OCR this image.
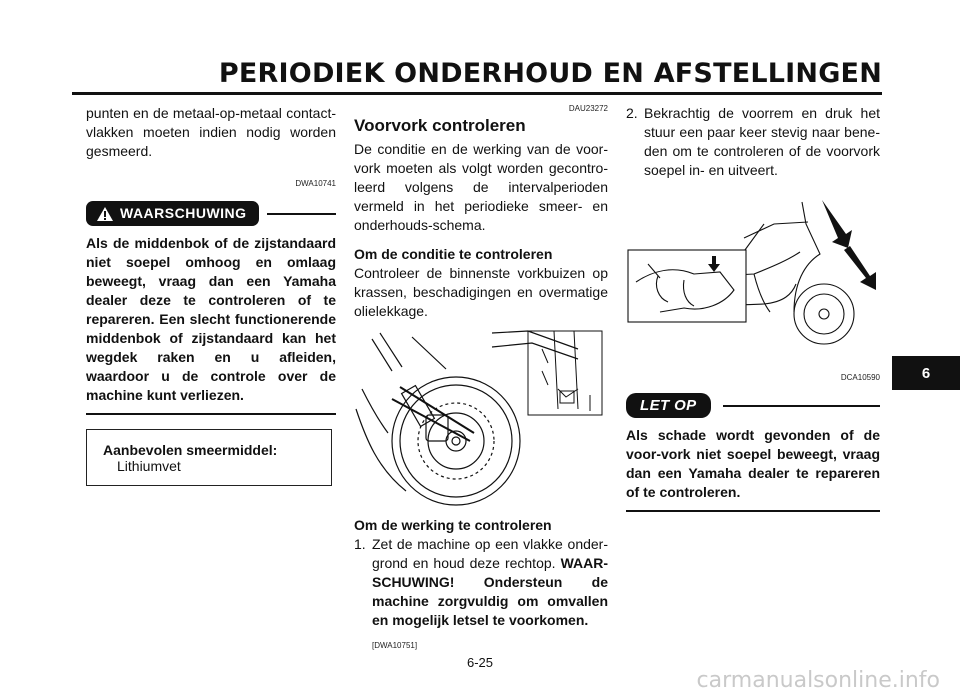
PERIODIEK ONDERHOUD EN AFSTELLINGEN
punten en de metaal-op-metaal contact-vlakken moeten indien nodig worden gesmeerd.

DWA10741

WAARSCHUWING
Als de middenbok of de zijstandaard niet soepel omhoog en omlaag beweegt, vraag dan een Yamaha dealer deze te controleren of te repareren. Een slecht functionerende middenbok of zijstandaard kan het wegdek raken en u afleiden, waardoor u de controle over de machine kunt verliezen.
Aanbevolen smeermiddel:
Lithiumvet

DAU23272

Voorvork controleren
De conditie en de werking van de voor-vork moeten als volgt worden gecontro-leerd volgens de intervalperioden vermeld in het periodieke smeer- en onderhouds-schema.
Om de conditie te controleren
Controleer de binnenste vorkbuizen op krassen, beschadigingen en overmatige olielekkage.
Om de werking te controleren
1. Zet de machine op een vlakke onder-grond en houd deze rechtop. WAAR-SCHUWING! Ondersteun de machine zorgvuldig om omvallen en mogelijk letsel te voorkomen.
[DWA10751]
2. Bekrachtig de voorrem en druk het stuur een paar keer stevig naar bene-den om te controleren of de voorvork soepel in- en uitveert.

DCA10590

LET OP
Als schade wordt gevonden of de voor-vork niet soepel beweegt, vraag dan een Yamaha dealer te repareren of te controleren.
6
6-25
carmanualsonline.info
